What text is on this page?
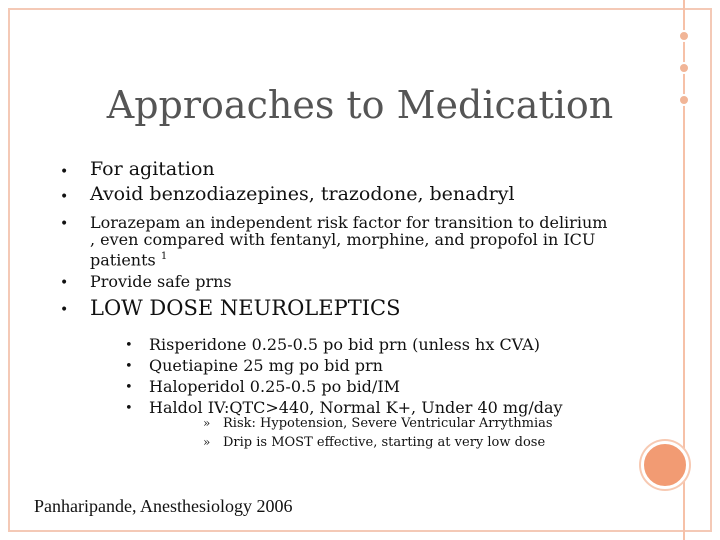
Approaches to Medication
• For agitation
• Avoid benzodiazepines, trazodone, benadryl
• Lorazepam an independent risk factor for transition to delirium , even compared with fentanyl, morphine, and propofol in ICU patients $^1$
• Provide safe prns
• LOW DOSE NEUROLEPTICS
• Risperidone 0.25-0.5 po bid prn (unless hx CVA)
• Quetiapine 25 mg po bid prn
• Haloperidol 0.25-0.5 po bid/IM
• Haldol IV:QTC>440, Normal K+, Under 40 mg/day
» Risk: Hypotension, Severe Ventricular Arrythmias
» Drip is MOST effective, starting at very low dose
Panharipande, Anesthesiology 2006
